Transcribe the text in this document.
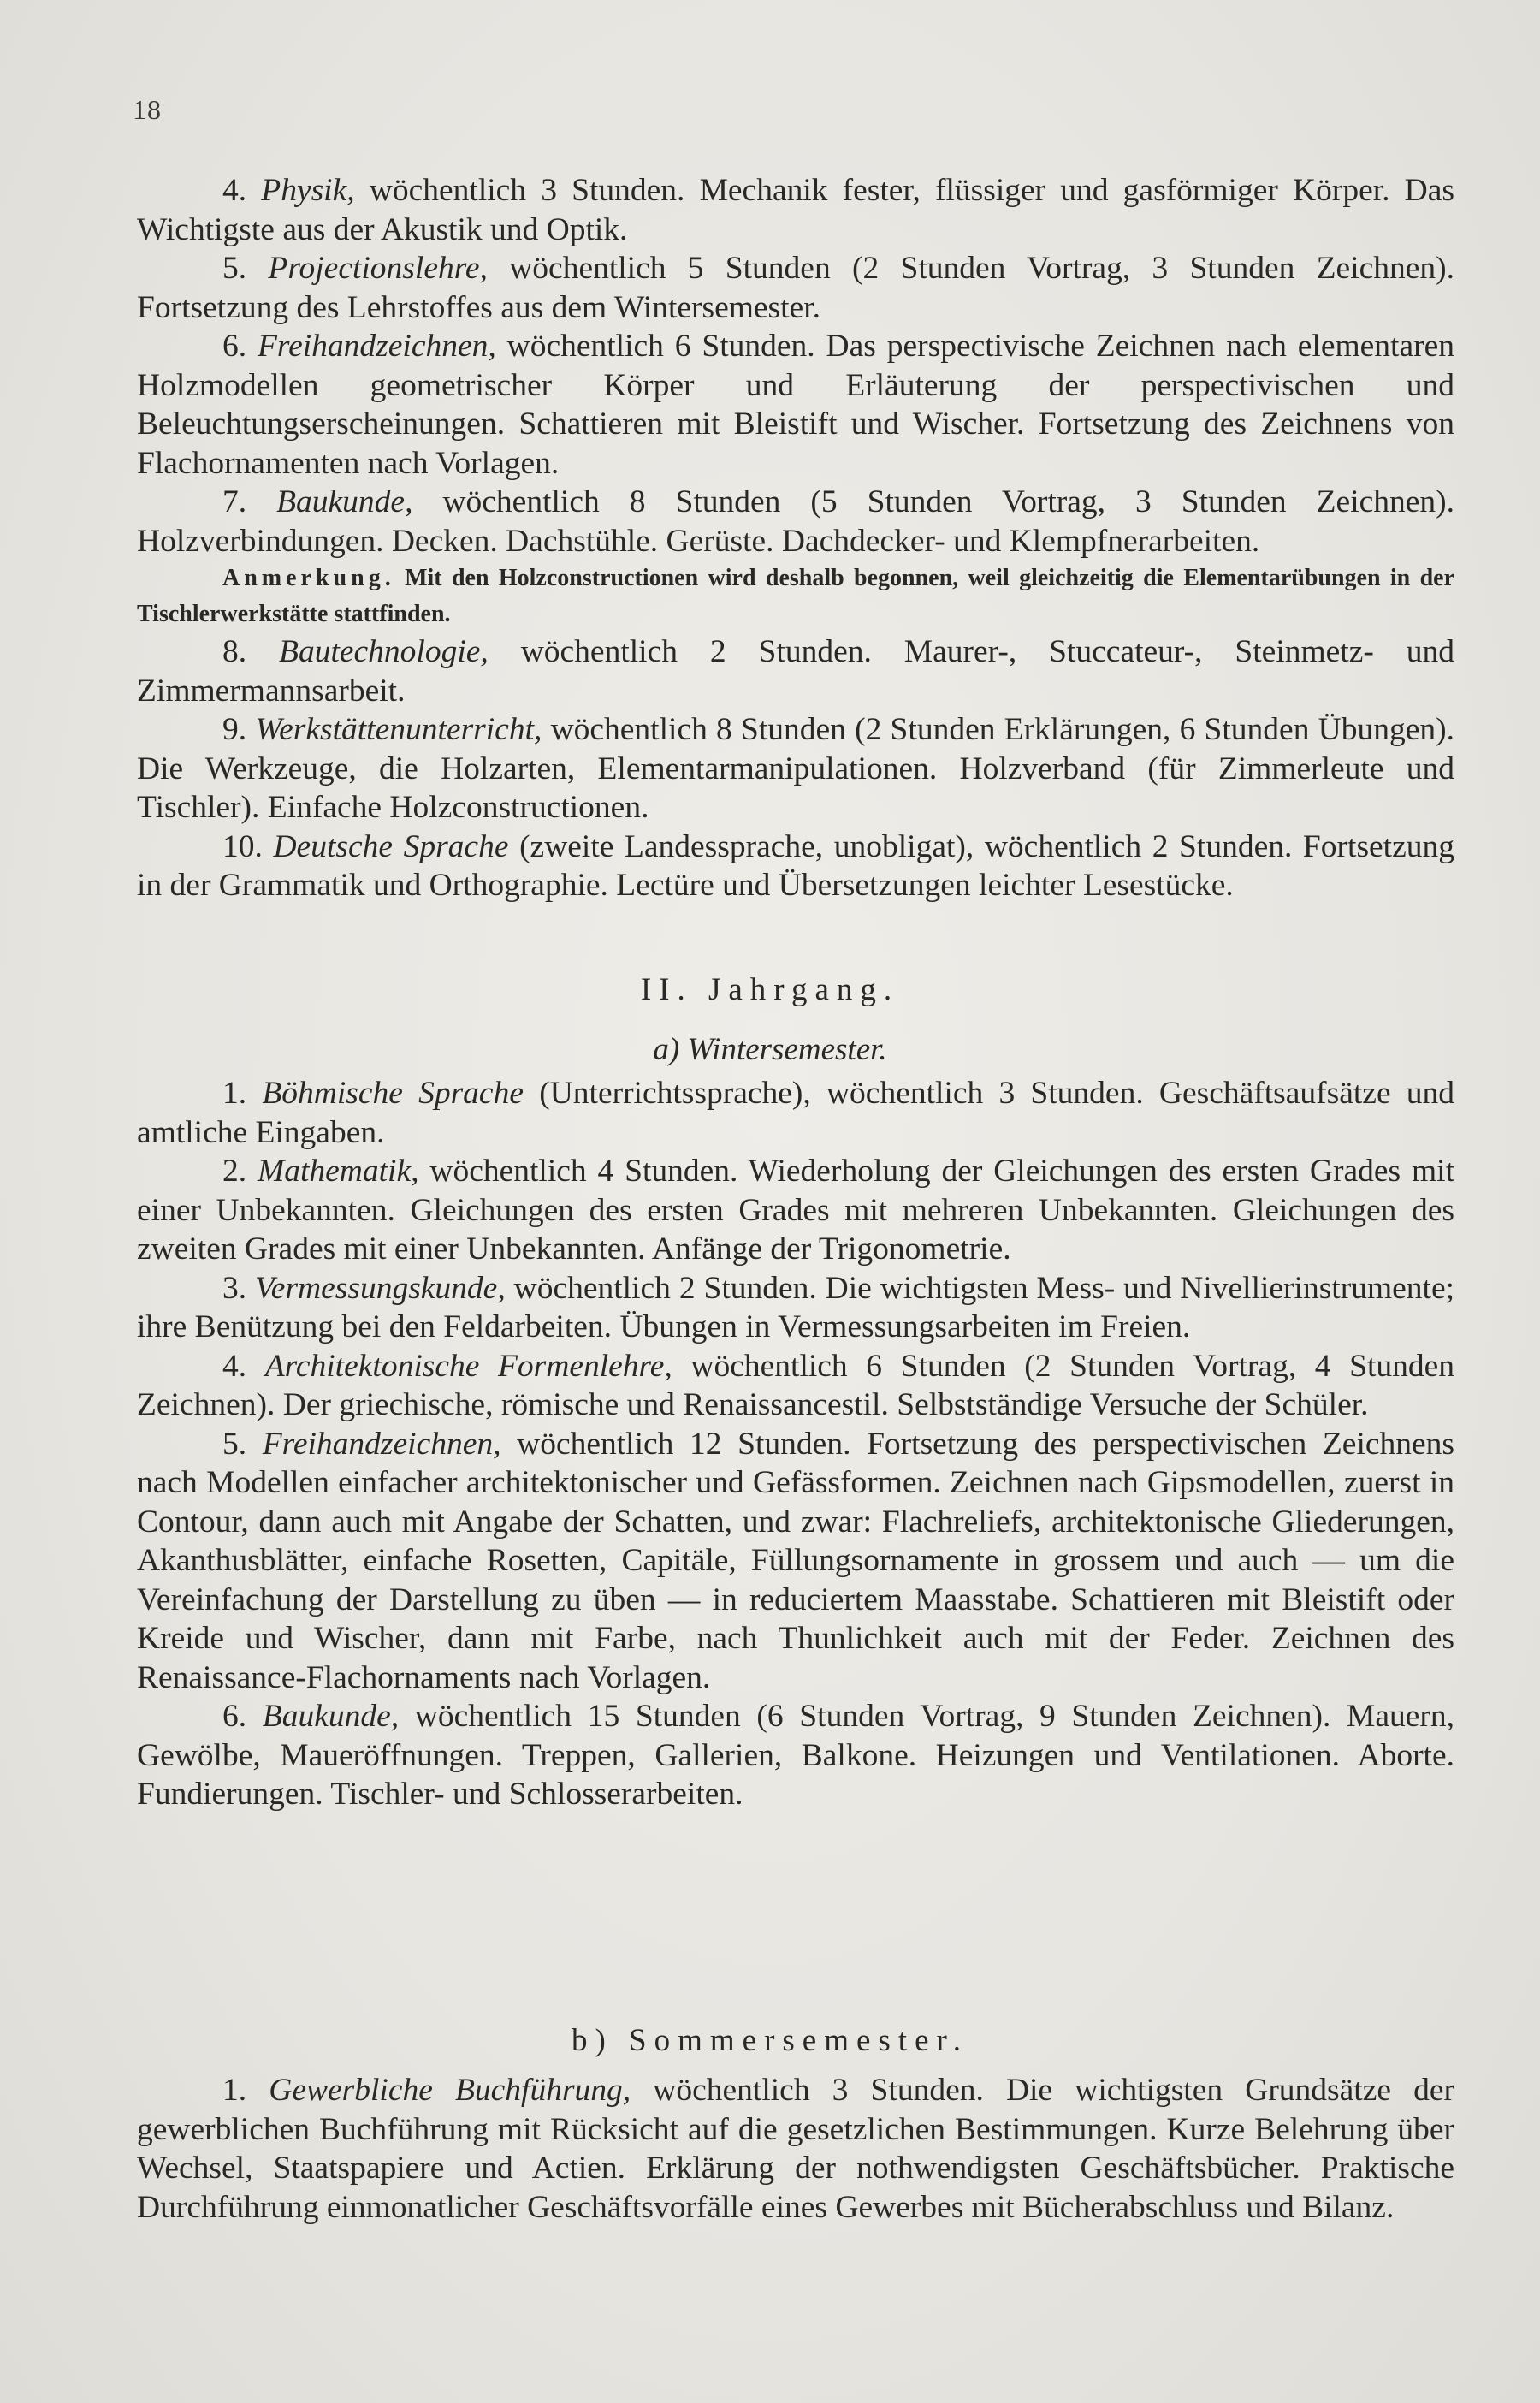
18

4. Physik, wöchentlich 3 Stunden. Mechanik fester, flüssiger und gasförmiger Körper. Das Wichtigste aus der Akustik und Optik.

5. Projectionslehre, wöchentlich 5 Stunden (2 Stunden Vortrag, 3 Stunden Zeichnen). Fortsetzung des Lehrstoffes aus dem Wintersemester.

6. Freihandzeichnen, wöchentlich 6 Stunden. Das perspectivische Zeichnen nach elementaren Holzmodellen geometrischer Körper und Erläuterung der perspectivischen und Beleuchtungserscheinungen. Schattieren mit Bleistift und Wischer. Fortsetzung des Zeichnens von Flachornamenten nach Vorlagen.

7. Baukunde, wöchentlich 8 Stunden (5 Stunden Vortrag, 3 Stunden Zeichnen). Holzverbindungen. Decken. Dachstühle. Gerüste. Dachdecker- und Klempfnerarbeiten.

Anmerkung. Mit den Holzconstructionen wird deshalb begonnen, weil gleichzeitig die Elementarübungen in der Tischlerwerkstätte stattfinden.

8. Bautechnologie, wöchentlich 2 Stunden. Maurer-, Stuccateur-, Steinmetz- und Zimmermannsarbeit.

9. Werkstättenunterricht, wöchentlich 8 Stunden (2 Stunden Erklärungen, 6 Stunden Übungen). Die Werkzeuge, die Holzarten, Elementarmanipulationen. Holzverband (für Zimmerleute und Tischler). Einfache Holzconstructionen.

10. Deutsche Sprache (zweite Landessprache, unobligat), wöchentlich 2 Stunden. Fortsetzung in der Grammatik und Orthographie. Lectüre und Übersetzungen leichter Lesestücke.

II. Jahrgang.

a) Wintersemester.

1. Böhmische Sprache (Unterrichtssprache), wöchentlich 3 Stunden. Geschäftsaufsätze und amtliche Eingaben.

2. Mathematik, wöchentlich 4 Stunden. Wiederholung der Gleichungen des ersten Grades mit einer Unbekannten. Gleichungen des ersten Grades mit mehreren Unbekannten. Gleichungen des zweiten Grades mit einer Unbekannten. Anfänge der Trigonometrie.

3. Vermessungskunde, wöchentlich 2 Stunden. Die wichtigsten Mess- und Nivellierinstrumente; ihre Benützung bei den Feldarbeiten. Übungen in Vermessungsarbeiten im Freien.

4. Architektonische Formenlehre, wöchentlich 6 Stunden (2 Stunden Vortrag, 4 Stunden Zeichnen). Der griechische, römische und Renaissancestil. Selbstständige Versuche der Schüler.

5. Freihandzeichnen, wöchentlich 12 Stunden. Fortsetzung des perspectivischen Zeichnens nach Modellen einfacher architektonischer und Gefässformen. Zeichnen nach Gipsmodellen, zuerst in Contour, dann auch mit Angabe der Schatten, und zwar: Flachreliefs, architektonische Gliederungen, Akanthusblätter, einfache Rosetten, Capitäle, Füllungsornamente in grossem und auch — um die Vereinfachung der Darstellung zu üben — in reduciertem Maasstabe. Schattieren mit Bleistift oder Kreide und Wischer, dann mit Farbe, nach Thunlichkeit auch mit der Feder. Zeichnen des Renaissance-Flachornaments nach Vorlagen.

6. Baukunde, wöchentlich 15 Stunden (6 Stunden Vortrag, 9 Stunden Zeichnen). Mauern, Gewölbe, Maueröffnungen. Treppen, Gallerien, Balkone. Heizungen und Ventilationen. Aborte. Fundierungen. Tischler- und Schlosserarbeiten.

b) Sommersemester.

1. Gewerbliche Buchführung, wöchentlich 3 Stunden. Die wichtigsten Grundsätze der gewerblichen Buchführung mit Rücksicht auf die gesetzlichen Bestimmungen. Kurze Belehrung über Wechsel, Staatspapiere und Actien. Erklärung der nothwendigsten Geschäftsbücher. Praktische Durchführung einmonatlicher Geschäftsvorfälle eines Gewerbes mit Bücherabschluss und Bilanz.
